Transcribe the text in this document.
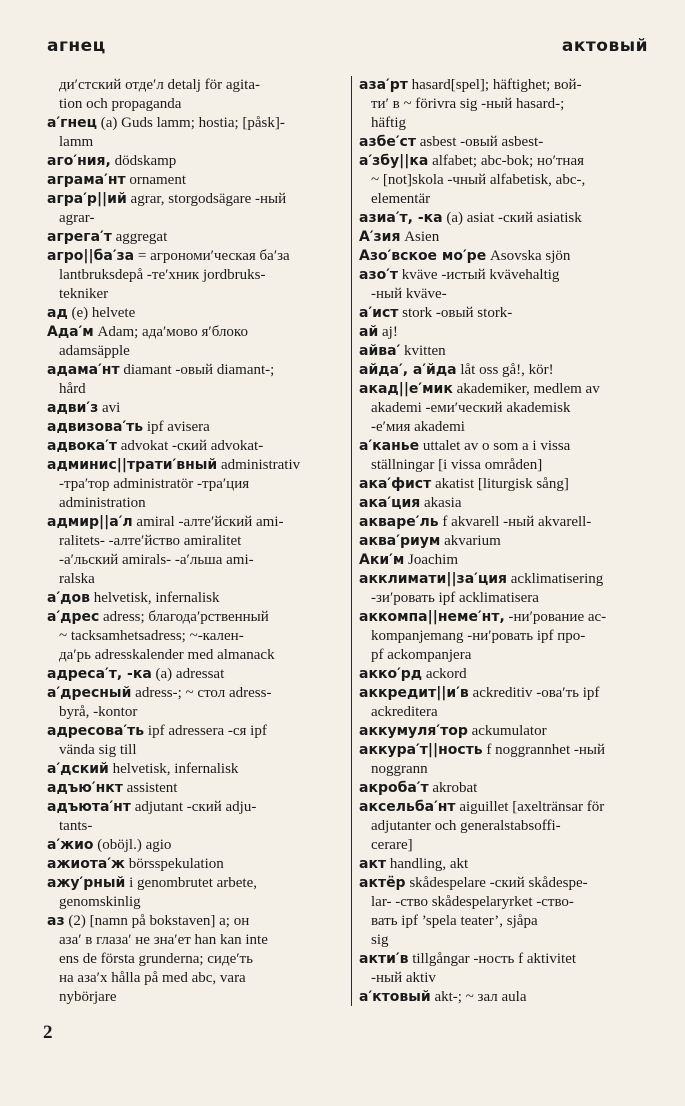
агнец	актовый
ди′стский отде′л detalj för agita-
tion och propaganda
а′гнец (a) Guds lamm; hostia; [påsk]-
lamm
аго′ния, dödskamp
аграма′нт ornament
агра′р||ий agrar, storgodsägare -ный
agrar-
агрега′т aggregat
агро||ба′за = агрономи′ческая ба′за
lantbruksdepå -те′хник jordbruks-
tekniker
ад (e) helvete
Ада′м Adam; ада′мово я′блоко
adamsäpple
адама′нт diamant -овый diamant-;
hård
адви′з avi
адвизова′ть ipf avisera
адвока′т advokat -ский advokat-
админис||трати′вный administrativ
-тра′тор administratör -тра′ция
administration
адмир||а′л amiral -алте′йский ami-
ralitets- -алте′йство amiralitet
-а′льский amirals- -а′льша ami-
ralska
а′дов helvetisk, infernalisk
а′дрес adress; благода′рственный
~ tacksamhetsadress; ~-кален-
да′рь adresskalender med almanack
адреса′т, -ка (a) adressat
а′дресный adress-; ~ стол adress-
byrå, -kontor
адресова′ть ipf adressera -ся ipf
vända sig till
а′дский helvetisk, infernalisk
адъю′нкт assistent
адъюта′нт adjutant -ский adju-
tants-
а′жио (oböjl.) agio
ажиота′ж börsspekulation
ажу′рный i genombrutet arbete,
genomskinlig
аз (2) [namn på bokstaven] а; он
аза′ в глаза′ не зна′ет han kan inte
ens de första grunderna; сиде′ть
на аза′х hålla på med abc, vara
nybörjare
аза′рт hasard[spel]; häftighet; вой-
ти′ в ~ förivra sig -ный hasard-;
häftig
азбе′ст asbest -овый asbest-
а′збу||ка alfabet; abc-bok; но′тная
~ [not]skola -чный alfabetisk, abc-,
elementär
азиа′т, -ка (a) asiat -ский asiatisk
А′зия Asien
Азо′вское мо′ре Asovska sjön
азо′т kväve -истый kvävehaltig
-ный kväve-
а′ист stork -овый stork-
ай aj!
айва′ kvitten
айда′, а′йда låt oss gå!, kör!
акад||е′мик akademiker, medlem av
akademi -еми′ческий akademisk
-е′мия akademi
а′канье uttalet av o som a i vissa
ställningar [i vissa områden]
ака′фист akatist [liturgisk sång]
ака′ция akasia
акваре′ль f akvarell -ный akvarell-
аква′риум akvarium
Аки′м Joachim
акклимати||за′ция acklimatisering
-зи′ровать ipf acklimatisera
аккомпа||неме′нт, -ни′рование ac-
kompanjemang -ни′ровать ipf про-
pf ackompanjera
акко′рд ackord
аккредит||и′в ackreditiv -ова′ть ipf
ackreditera
аккумуля′тор ackumulator
аккура′т||ность f noggrannhet -ный
noggrann
акроба′т akrobat
аксельба′нт aiguillet [axeltränsar för
adjutanter och generalstabsoffi-
cerare]
акт handling, akt
актёр skådespelare -ский skådespe-
lar- -ство skådespelaryrket -ство-
вать ipf ’spela teater’, sjåpa
sig
акти′в tillgångar -ность f aktivitet
-ный aktiv
а′ктовый akt-; ~ зал aula
2
